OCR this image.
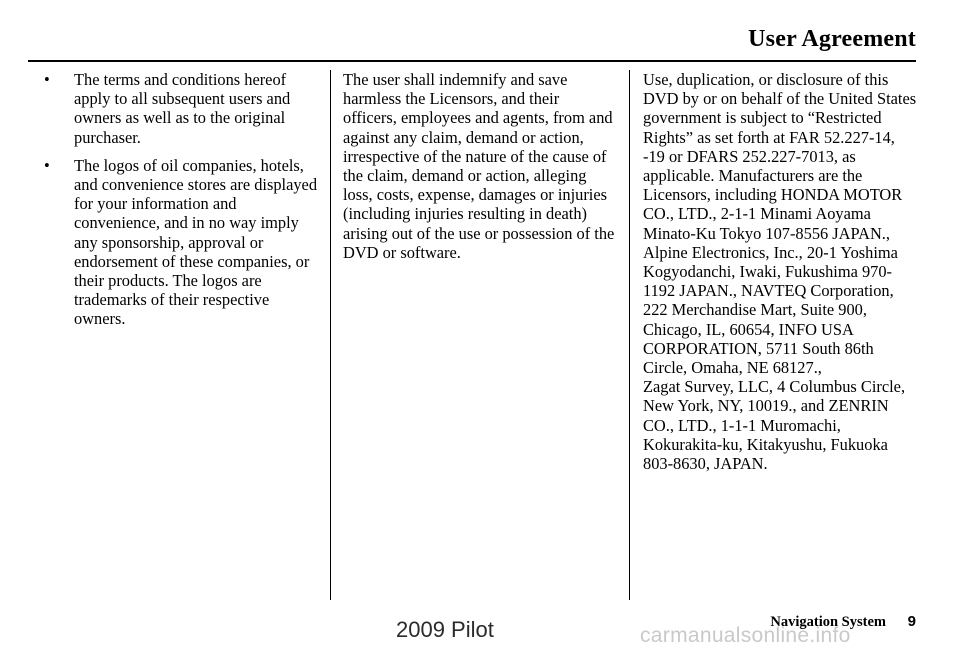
User Agreement
• The terms and conditions hereof apply to all subsequent users and owners as well as to the original purchaser.
• The logos of oil companies, hotels, and convenience stores are displayed for your information and convenience, and in no way imply any sponsorship, approval or endorsement of these companies, or their products. The logos are trademarks of their respective owners.

The user shall indemnify and save harmless the Licensors, and their officers, employees and agents, from and against any claim, demand or action, irrespective of the nature of the cause of the claim, demand or action, alleging loss, costs, expense, damages or injuries (including injuries resulting in death) arising out of the use or possession of the DVD or software.

Use, duplication, or disclosure of this DVD by or on behalf of the United States government is subject to “Restricted Rights” as set forth at FAR 52.227-14, -19 or DFARS 252.227-7013, as applicable. Manufacturers are the Licensors, including HONDA MOTOR CO., LTD., 2-1-1 Minami Aoyama Minato-Ku Tokyo 107-8556 JAPAN., Alpine Electronics, Inc., 20-1 Yoshima Kogyodanchi, Iwaki, Fukushima 970-1192 JAPAN., NAVTEQ Corporation, 222 Merchandise Mart, Suite 900, Chicago, IL, 60654, INFO USA CORPORATION, 5711 South 86th Circle, Omaha, NE 68127.,
Zagat Survey, LLC, 4 Columbus Circle, New York, NY, 10019., and ZENRIN CO., LTD., 1-1-1 Muromachi, Kokurakita-ku, Kitakyushu, Fukuoka 803-8630, JAPAN.

Navigation System 9
2009 Pilot	carmanualsonline.info
